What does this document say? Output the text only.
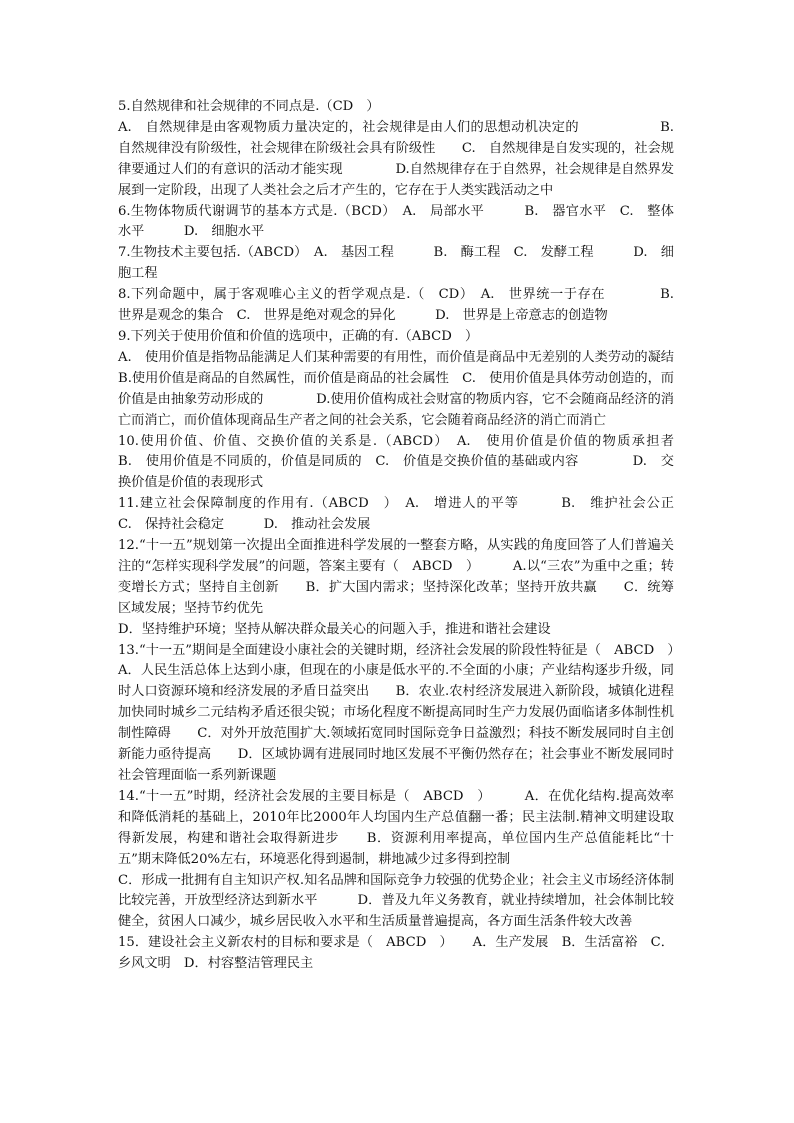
5.自然规律和社会规律的不同点是.（CD　）
A.　自然规律是由客观物质力量决定的，社会规律是由人们的思想动机决定的　　　　　　B.　自然规律没有阶级性，社会规律在阶级社会具有阶级性　　C.　自然规律是自发实现的，社会规律要通过人们的有意识的活动才能实现　　　　D.自然规律存在于自然界，社会规律是自然界发展到一定阶段，出现了人类社会之后才产生的，它存在于人类实践活动之中

6.生物体物质代谢调节的基本方式是.（BCD）　A.　局部水平　　　B.　器官水平　C.　整体水平　　　D.　细胞水平

7.生物技术主要包括.（ABCD）　A.　基因工程　　　B.　酶工程　C.　发酵工程　　　D.　细胞工程

8.下列命题中，属于客观唯心主义的哲学观点是.（　CD）　A.　世界统一于存在　　　　B.　世界是观念的集合　C.　世界是绝对观念的异化　　　D.　世界是上帝意志的创造物

9.下列关于使用价值和价值的选项中，正确的有.（ABCD　）
A.　使用价值是指物品能满足人们某种需要的有用性，而价值是商品中无差别的人类劳动的凝结　　　B.使用价值是商品的自然属性，而价值是商品的社会属性　C.　使用价值是具体劳动创造的，而价值是由抽象劳动形成的　　　　D.使用价值构成社会财富的物质内容，它不会随商品经济的消亡而消亡，而价值体现商品生产者之间的社会关系，它会随着商品经济的消亡而消亡

10.使用价值、价值、交换价值的关系是.（ABCD）　A.　使用价值是价值的物质承担者　　　B.　使用价值是不同质的，价值是同质的　C.　价值是交换价值的基础或内容　　　　D.　交换价值是价值的表现形式

11.建立社会保障制度的作用有.（ABCD　）　A.　增进人的平等　　　B.　维护社会公正　　C.　保持社会稳定　　　D.　推动社会发展

12.“十一五”规划第一次提出全面推进科学发展的一整套方略，从实践的角度回答了人们普遍关注的“怎样实现科学发展”的问题，答案主要有（　ABCD　）　　　A.以“三农”为重中之重；转变增长方式；坚持自主创新　　B．扩大国内需求；坚持深化改革；坚持开放共赢　　C．统筹区域发展；坚持节约优先
D．坚持维护环境；坚持从解决群众最关心的问题入手，推进和谐社会建设

13.“十一五”期间是全面建设小康社会的关键时期，经济社会发展的阶段性特征是（　ABCD　）　　A．人民生活总体上达到小康，但现在的小康是低水平的.不全面的小康；产业结构逐步升级，同时人口资源环境和经济发展的矛盾日益突出　　B．农业.农村经济发展进入新阶段，城镇化进程加快同时城乡二元结构矛盾还很尖锐；市场化程度不断提高同时生产力发展仍面临诸多体制性机制性障碍　　C．对外开放范围扩大.领域拓宽同时国际竞争日益激烈；科技不断发展同时自主创新能力亟待提高　　D．区域协调有进展同时地区发展不平衡仍然存在；社会事业不断发展同时社会管理面临一系列新课题

14.“十一五”时期，经济社会发展的主要目标是（　ABCD　）　　　A．在优化结构.提高效率和降低消耗的基础上，2010年比2000年人均国内生产总值翻一番；民主法制.精神文明建设取得新发展，构建和谐社会取得新进步　　B．资源利用率提高，单位国内生产总值能耗比“十五”期末降低20%左右，环境恶化得到遏制，耕地减少过多得到控制
C．形成一批拥有自主知识产权.知名品牌和国际竞争力较强的优势企业；社会主义市场经济体制比较完善，开放型经济达到新水平　　　D．普及九年义务教育，就业持续增加，社会体制比较健全，贫困人口减少，城乡居民收入水平和生活质量普遍提高，各方面生活条件较大改善

15．建设社会主义新农村的目标和要求是（　ABCD　）　　A．生产发展　B．生活富裕　C．乡风文明　D．村容整洁管理民主
